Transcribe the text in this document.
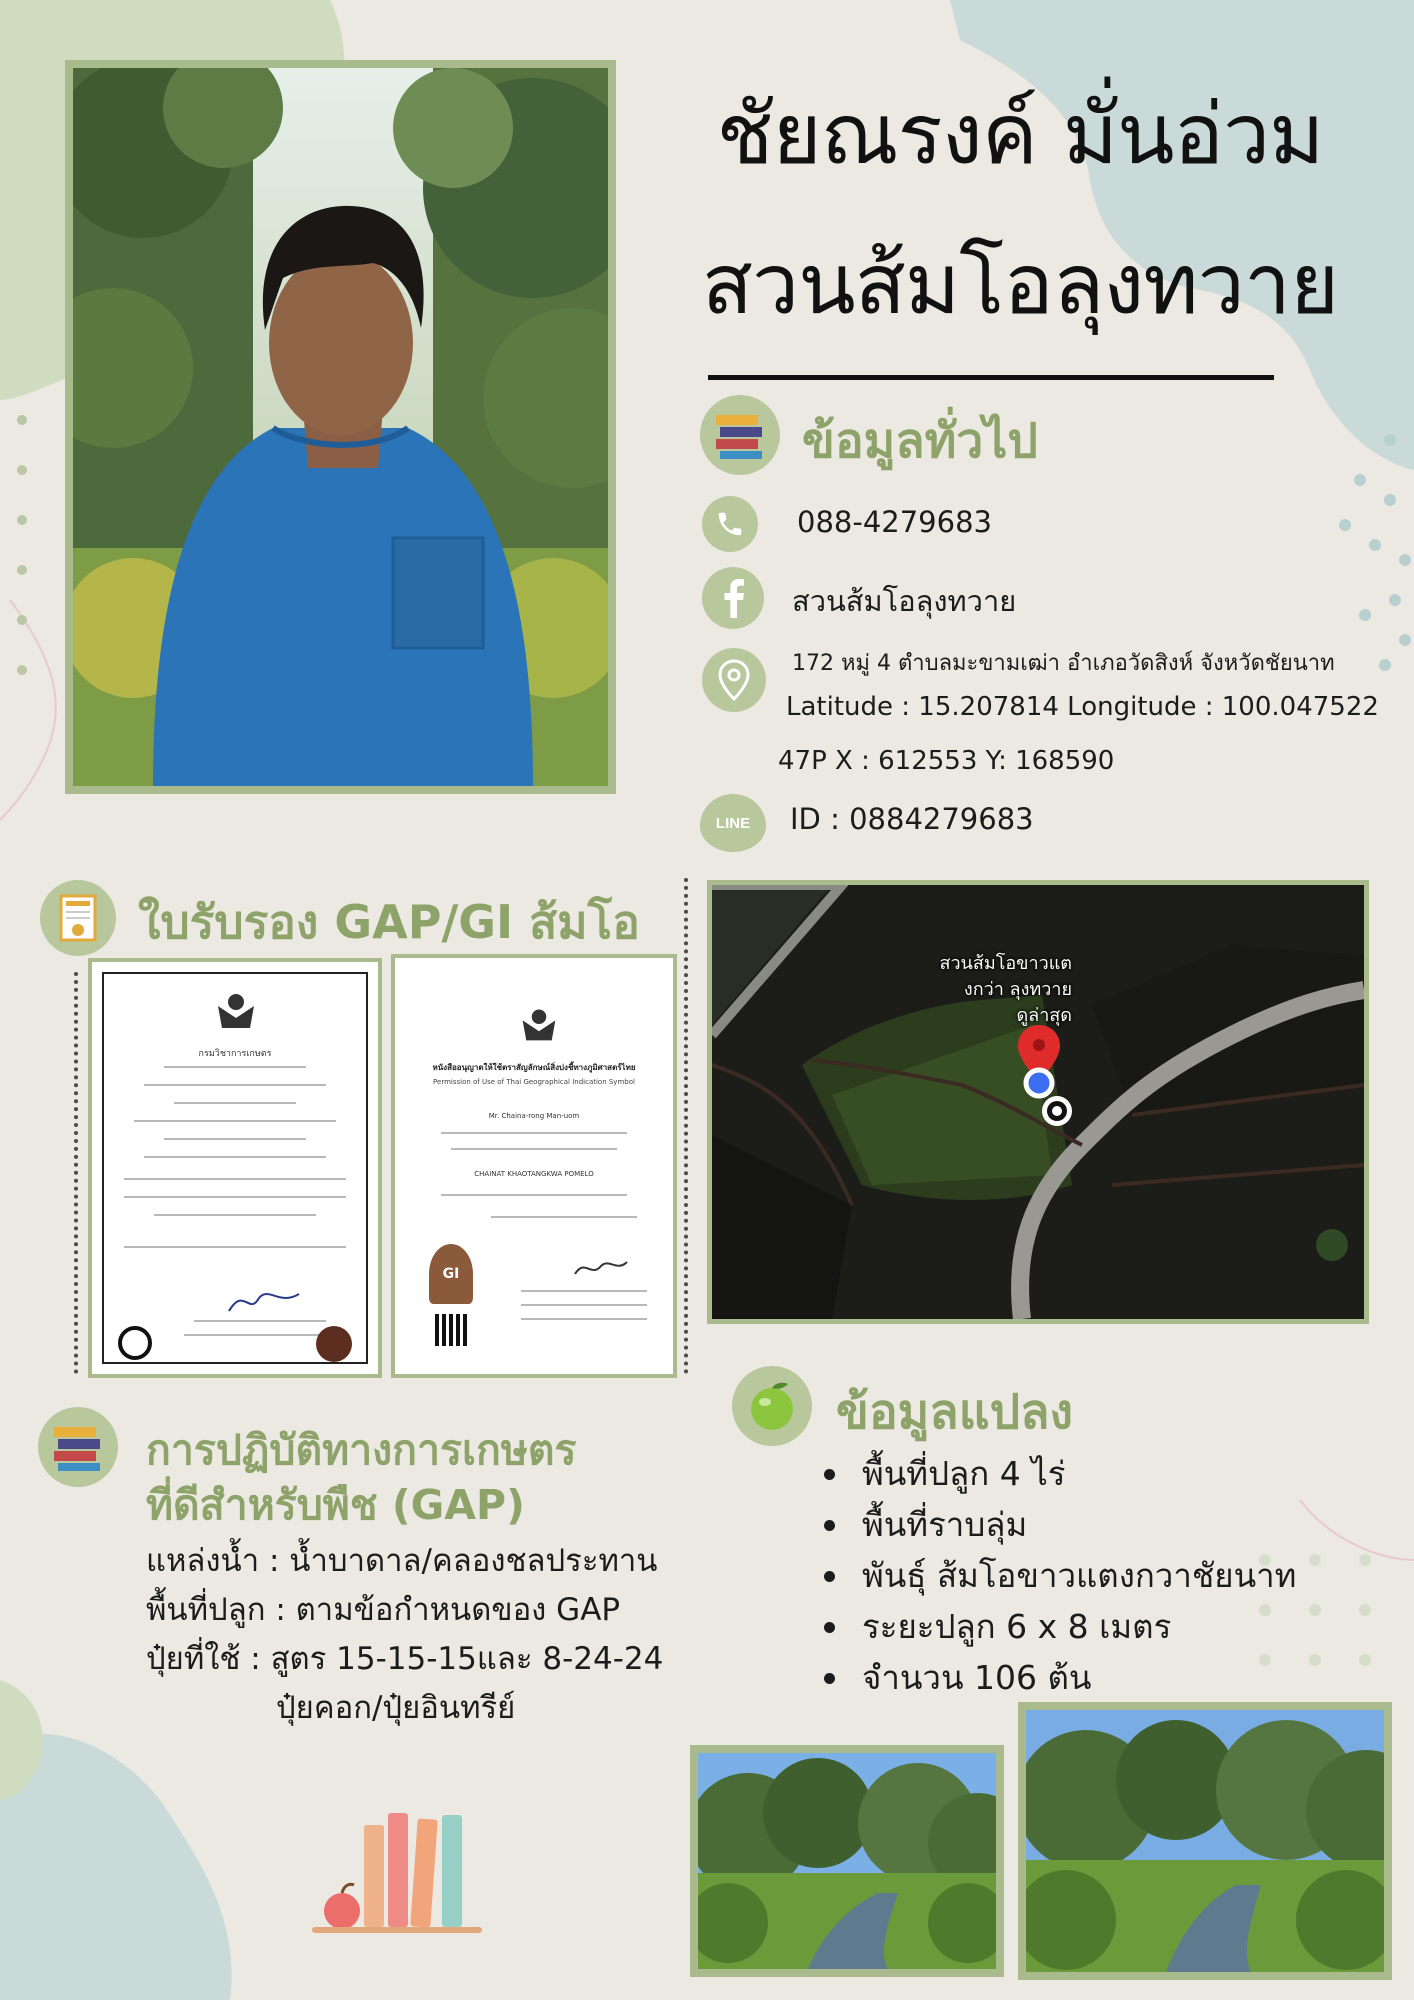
ชัยณรงค์ มั่นอ่วม
สวนส้มโอลุงทวาย
ข้อมูลทั่วไป
088-4279683
สวนส้มโอลุงทวาย
172 หมู่ 4 ตำบลมะขามเฒ่า อำเภอวัดสิงห์ จังหวัดชัยนาท
Latitude : 15.207814 Longitude : 100.047522
47P X : 612553 Y: 168590
LINE ID : 0884279683
ใบรับรอง GAP/GI ส้มโอ
กรมวิชาการเกษตร
หนังสืออนุญาตให้ใช้ตราสัญลักษณ์สิ่งบ่งชี้ทางภูมิศาสตร์ไทย
Permission of Use of Thai Geographical Indication Symbol
Mr. Chaina-rong Man-uom
CHAINAT KHAOTANGKWA POMELO
GI
สวนส้มโอขาวแต
งกว่า ลุงทวาย
ดูล่าสุด
ข้อมูลแปลง
พื้นที่ปลูก 4 ไร่
พื้นที่ราบลุ่ม
พันธุ์ ส้มโอขาวแตงกวาชัยนาท
ระยะปลูก 6 x 8 เมตร
จำนวน 106 ต้น
การปฏิบัติทางการเกษตร
ที่ดีสำหรับพืช (GAP)
แหล่งน้ำ : น้ำบาดาล/คลองชลประทาน
พื้นที่ปลูก : ตามข้อกำหนดของ GAP
ปุ๋ยที่ใช้ : สูตร 15-15-15และ 8-24-24
ปุ๋ยคอก/ปุ๋ยอินทรีย์
